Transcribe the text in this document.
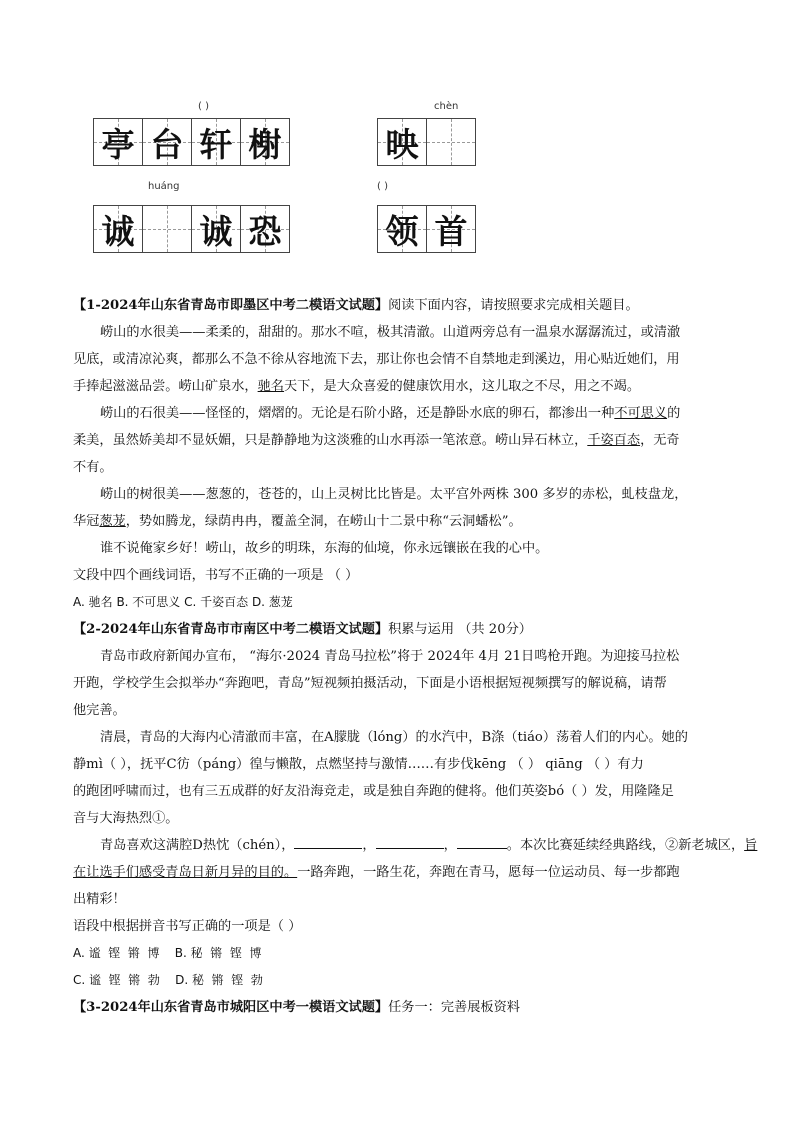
( )
亭 台 轩 榭
chèn
映
huáng
诚 诚 恐
( )
领 首
【1-2024年山东省青岛市即墨区中考二模语文试题】阅读下面内容，请按照要求完成相关题目。
崂山的水很美——柔柔的，甜甜的。那水不喧，极其清澈。山道两旁总有一温泉水潺潺流过，或清澈
见底，或清凉沁爽，都那么不急不徐从容地流下去，那让你也会情不自禁地走到溪边，用心贴近她们，用
手捧起滋滋品尝。崂山矿泉水，驰名天下，是大众喜爱的健康饮用水，这儿取之不尽，用之不竭。
崂山的石很美——怪怪的，熠熠的。无论是石阶小路，还是静卧水底的卵石，都渗出一种不可思义的
柔美，虽然娇美却不显妖媚，只是静静地为这淡雅的山水再添一笔浓意。崂山异石林立，千姿百态，无奇
不有。
崂山的树很美——葱葱的，苍苍的，山上灵树比比皆是。太平宫外两株 300 多岁的赤松，虬枝盘龙，
华冠葱茏，势如腾龙，绿荫冉冉，覆盖全洞，在崂山十二景中称“云洞蟠松”。
谁不说俺家乡好！崂山，故乡的明珠，东海的仙境，你永远镶嵌在我的心中。
文段中四个画线词语，书写不正确的一项是 （ ）
A. 驰名 B. 不可思义 C. 千姿百态 D. 葱茏
【2-2024年山东省青岛市市南区中考二模语文试题】积累与运用 （共 20分）
青岛市政府新闻办宣布， “海尔·2024 青岛马拉松”将于 2024年 4月 21日鸣枪开跑。为迎接马拉松
开跑，学校学生会拟举办“奔跑吧，青岛”短视频拍摄活动，下面是小语根据短视频撰写的解说稿，请帮
他完善。
清晨，青岛的大海内心清澈而丰富，在A朦胧（lóng）的水汽中，B涤（tiáo）荡着人们的内心。她的
静mì（ ），抚平C彷（páng）徨与懒散，点燃坚持与激情……有步伐kēng （ ） qiāng （ ）有力
的跑团呼啸而过，也有三五成群的好友沿海竞走，或是独自奔跑的健将。他们英姿bó（ ）发，用隆隆足
音与大海热烈①。
青岛喜欢这满腔D热忱（chén），	，	，	。本次比赛延续经典路线，②新老城区，旨
在让选手们感受青岛日新月异的目的。一路奔跑，一路生花，奔跑在青马，愿每一位运动员、每一步都跑
出精彩！
语段中根据拼音书写正确的一项是（ ）
A. 谧  铿  锵  博    B. 秘  锵  铿  博
C. 谧  铿  锵  勃    D. 秘  锵  铿  勃
【3-2024年山东省青岛市城阳区中考一模语文试题】任务一：完善展板资料
